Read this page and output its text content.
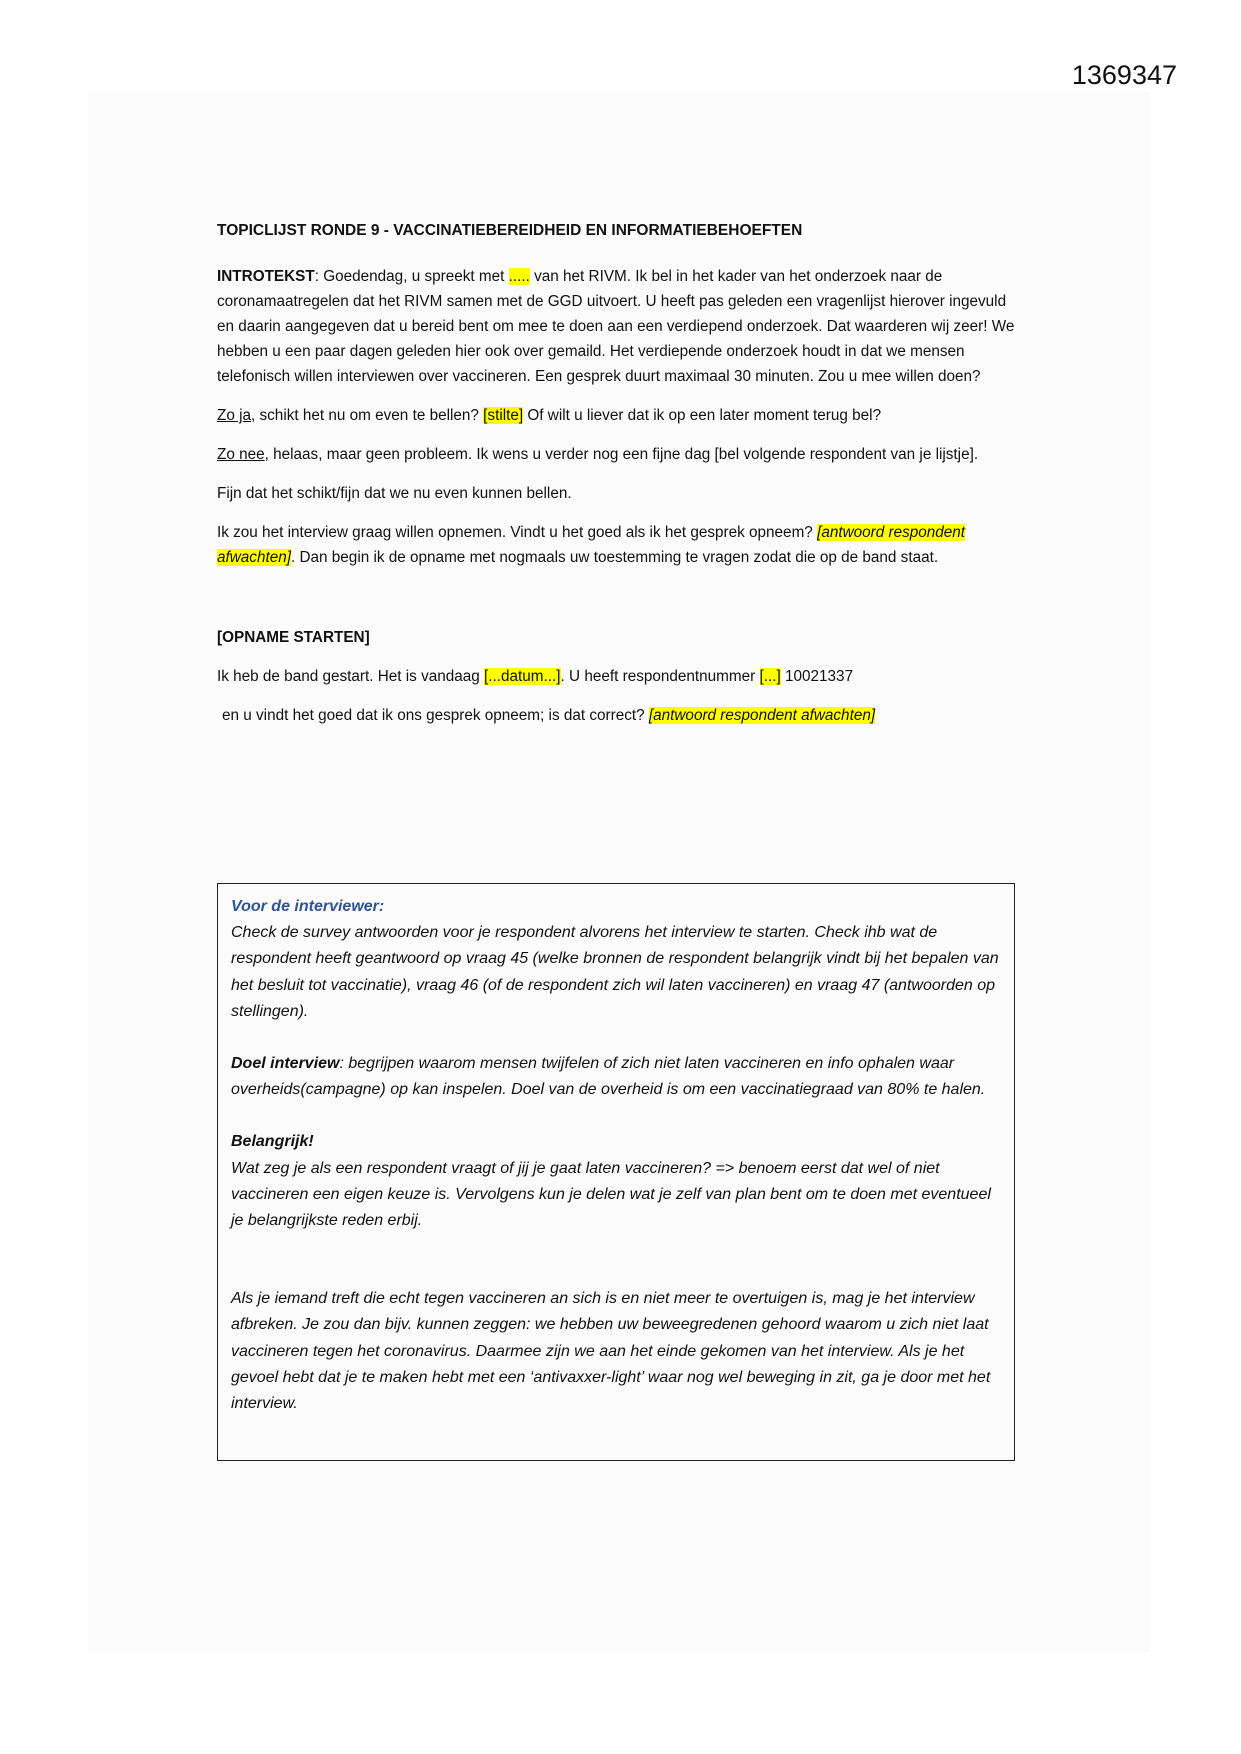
1369347
TOPICLIJST RONDE 9 - VACCINATIEBEREIDHEID EN INFORMATIEBEHOEFTEN

INTROTEKST: Goedendag, u spreekt met ..... van het RIVM. Ik bel in het kader van het onderzoek naar de coronamaatregelen dat het RIVM samen met de GGD uitvoert. U heeft pas geleden een vragenlijst hierover ingevuld en daarin aangegeven dat u bereid bent om mee te doen aan een verdiepend onderzoek. Dat waarderen wij zeer! We hebben u een paar dagen geleden hier ook over gemaild. Het verdiepende onderzoek houdt in dat we mensen telefonisch willen interviewen over vaccineren. Een gesprek duurt maximaal 30 minuten. Zou u mee willen doen?

Zo ja, schikt het nu om even te bellen? [stilte] Of wilt u liever dat ik op een later moment terug bel?

Zo nee, helaas, maar geen probleem. Ik wens u verder nog een fijne dag [bel volgende respondent van je lijstje].

Fijn dat het schikt/fijn dat we nu even kunnen bellen.

Ik zou het interview graag willen opnemen. Vindt u het goed als ik het gesprek opneem? [antwoord respondent afwachten]. Dan begin ik de opname met nogmaals uw toestemming te vragen zodat die op de band staat.

[OPNAME STARTEN]

Ik heb de band gestart. Het is vandaag [...datum...]. U heeft respondentnummer [...] 10021337

en u vindt het goed dat ik ons gesprek opneem; is dat correct? [antwoord respondent afwachten]

Voor de interviewer:

Check de survey antwoorden voor je respondent alvorens het interview te starten. Check ihb wat de respondent heeft geantwoord op vraag 45 (welke bronnen de respondent belangrijk vindt bij het bepalen van het besluit tot vaccinatie), vraag 46 (of de respondent zich wil laten vaccineren) en vraag 47 (antwoorden op stellingen).

Doel interview: begrijpen waarom mensen twijfelen of zich niet laten vaccineren en info ophalen waar overheids(campagne) op kan inspelen. Doel van de overheid is om een vaccinatiegraad van 80% te halen.

Belangrijk!

Wat zeg je als een respondent vraagt of jij je gaat laten vaccineren? => benoem eerst dat wel of niet vaccineren een eigen keuze is. Vervolgens kun je delen wat je zelf van plan bent om te doen met eventueel je belangrijkste reden erbij.

Als je iemand treft die echt tegen vaccineren an sich is en niet meer te overtuigen is, mag je het interview afbreken. Je zou dan bijv. kunnen zeggen: we hebben uw beweegredenen gehoord waarom u zich niet laat vaccineren tegen het coronavirus. Daarmee zijn we aan het einde gekomen van het interview. Als je het gevoel hebt dat je te maken hebt met een ‘antivaxxer-light’ waar nog wel beweging in zit, ga je door met het interview.
